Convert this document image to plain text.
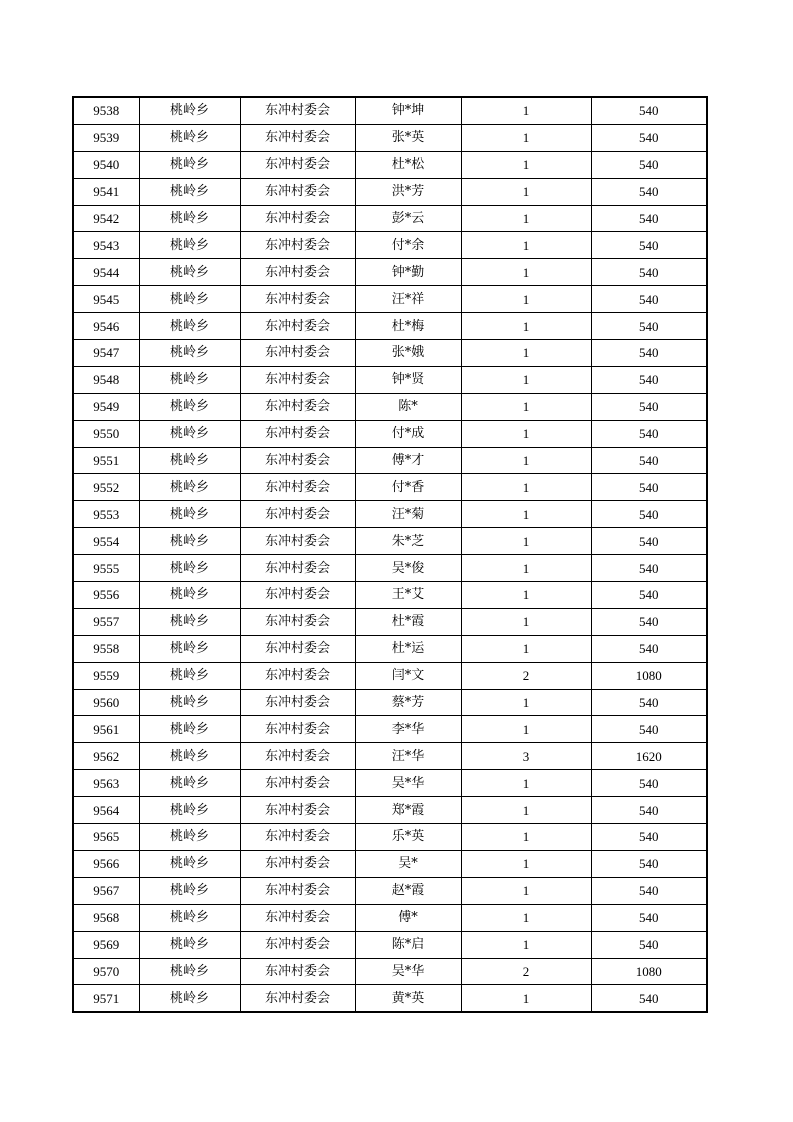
9538	桃岭乡	东冲村委会	钟*坤	1	540
9539	桃岭乡	东冲村委会	张*英	1	540
9540	桃岭乡	东冲村委会	杜*松	1	540
9541	桃岭乡	东冲村委会	洪*芳	1	540
9542	桃岭乡	东冲村委会	彭*云	1	540
9543	桃岭乡	东冲村委会	付*余	1	540
9544	桃岭乡	东冲村委会	钟*勤	1	540
9545	桃岭乡	东冲村委会	汪*祥	1	540
9546	桃岭乡	东冲村委会	杜*梅	1	540
9547	桃岭乡	东冲村委会	张*娥	1	540
9548	桃岭乡	东冲村委会	钟*贤	1	540
9549	桃岭乡	东冲村委会	陈*	1	540
9550	桃岭乡	东冲村委会	付*成	1	540
9551	桃岭乡	东冲村委会	傅*才	1	540
9552	桃岭乡	东冲村委会	付*香	1	540
9553	桃岭乡	东冲村委会	汪*菊	1	540
9554	桃岭乡	东冲村委会	朱*芝	1	540
9555	桃岭乡	东冲村委会	吴*俊	1	540
9556	桃岭乡	东冲村委会	王*艾	1	540
9557	桃岭乡	东冲村委会	杜*霞	1	540
9558	桃岭乡	东冲村委会	杜*运	1	540
9559	桃岭乡	东冲村委会	闫*文	2	1080
9560	桃岭乡	东冲村委会	蔡*芳	1	540
9561	桃岭乡	东冲村委会	李*华	1	540
9562	桃岭乡	东冲村委会	汪*华	3	1620
9563	桃岭乡	东冲村委会	吴*华	1	540
9564	桃岭乡	东冲村委会	郑*霞	1	540
9565	桃岭乡	东冲村委会	乐*英	1	540
9566	桃岭乡	东冲村委会	吴*	1	540
9567	桃岭乡	东冲村委会	赵*霞	1	540
9568	桃岭乡	东冲村委会	傅*	1	540
9569	桃岭乡	东冲村委会	陈*启	1	540
9570	桃岭乡	东冲村委会	吴*华	2	1080
9571	桃岭乡	东冲村委会	黄*英	1	540
